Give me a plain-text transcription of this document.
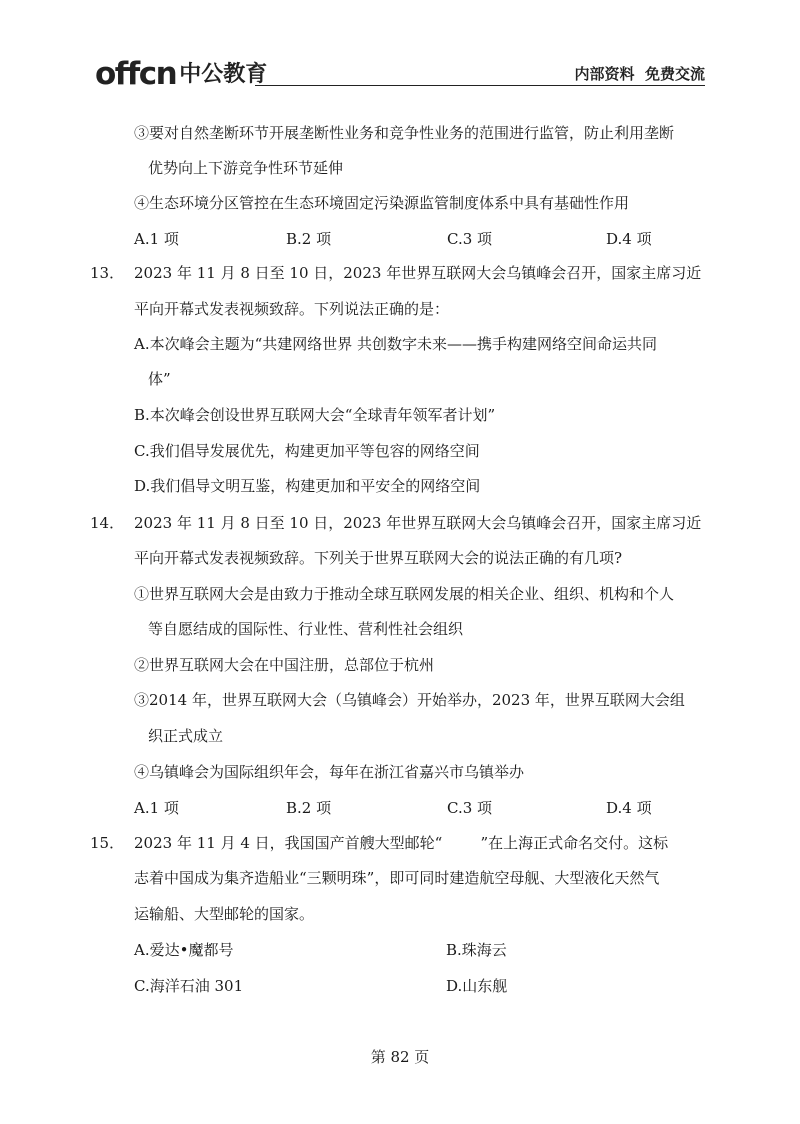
offcn 中公教育	内部资料  免费交流
③要对自然垄断环节开展垄断性业务和竞争性业务的范围进行监管，防止利用垄断
优势向上下游竞争性环节延伸
④生态环境分区管控在生态环境固定污染源监管制度体系中具有基础性作用
A.1 项	B.2 项	C.3 项	D.4 项
13． 2023 年 11 月 8 日至 10 日，2023 年世界互联网大会乌镇峰会召开，国家主席习近
平向开幕式发表视频致辞。下列说法正确的是：
A.本次峰会主题为“共建网络世界 共创数字未来——携手构建网络空间命运共同
体”
B.本次峰会创设世界互联网大会“全球青年领军者计划”
C.我们倡导发展优先，构建更加平等包容的网络空间
D.我们倡导文明互鉴，构建更加和平安全的网络空间
14． 2023 年 11 月 8 日至 10 日，2023 年世界互联网大会乌镇峰会召开，国家主席习近
平向开幕式发表视频致辞。下列关于世界互联网大会的说法正确的有几项?
①世界互联网大会是由致力于推动全球互联网发展的相关企业、组织、机构和个人
等自愿结成的国际性、行业性、营利性社会组织
②世界互联网大会在中国注册，总部位于杭州
③2014 年，世界互联网大会（乌镇峰会）开始举办，2023 年，世界互联网大会组
织正式成立
④乌镇峰会为国际组织年会，每年在浙江省嘉兴市乌镇举办
A.1 项	B.2 项	C.3 项	D.4 项
15． 2023 年 11 月 4 日，我国国产首艘大型邮轮“        ”在上海正式命名交付。这标
志着中国成为集齐造船业“三颗明珠”，即可同时建造航空母舰、大型液化天然气
运输船、大型邮轮的国家。
A.爱达•魔都号	B.珠海云
C.海洋石油 301	D.山东舰
第 82 页
